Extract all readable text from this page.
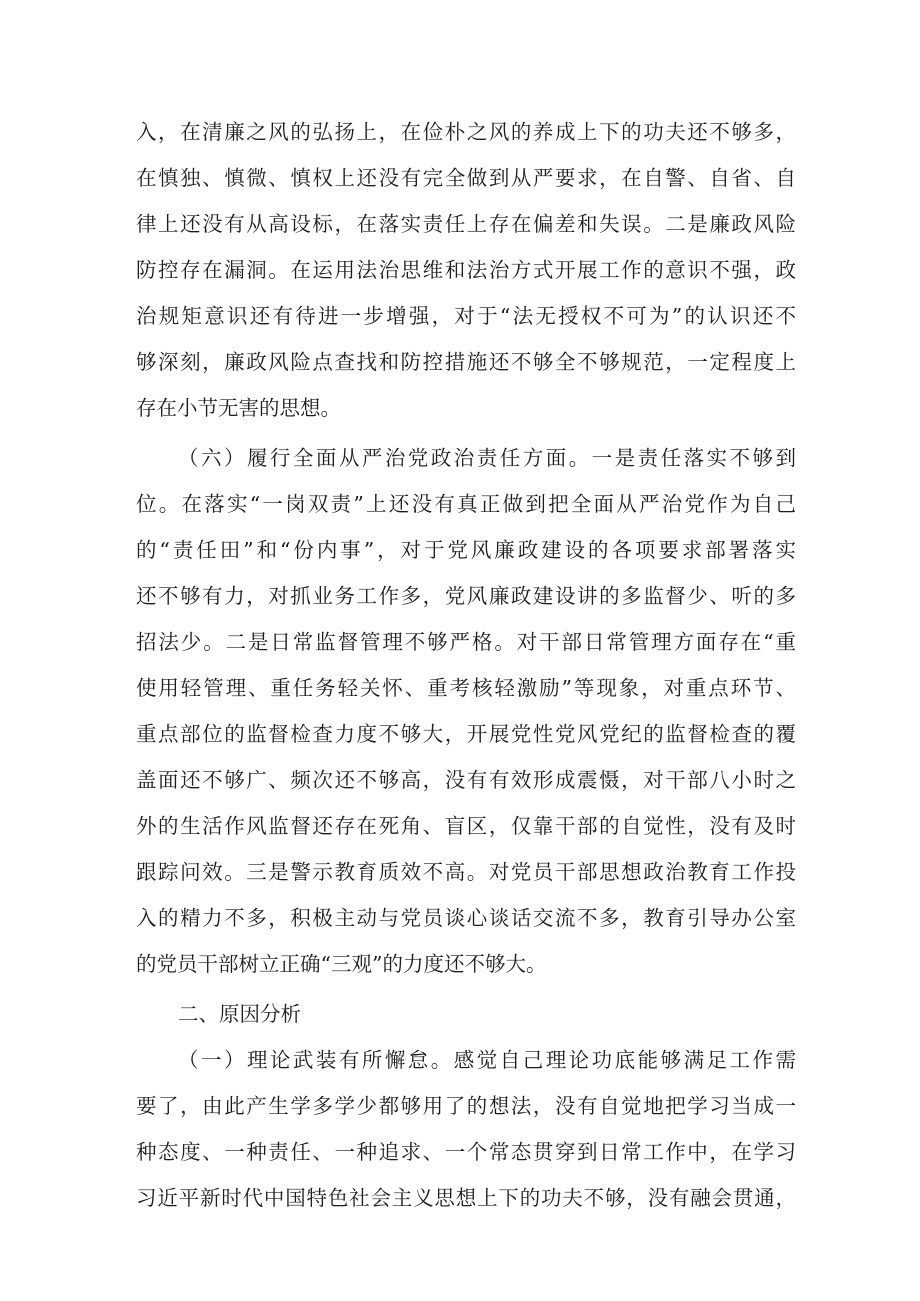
入，在清廉之风的弘扬上，在俭朴之风的养成上下的功夫还不够多，
在慎独、慎微、慎权上还没有完全做到从严要求，在自警、自省、自
律上还没有从高设标，在落实责任上存在偏差和失误。二是廉政风险
防控存在漏洞。在运用法治思维和法治方式开展工作的意识不强，政
治规矩意识还有待进一步增强，对于“法无授权不可为”的认识还不
够深刻，廉政风险点查找和防控措施还不够全不够规范，一定程度上
存在小节无害的思想。
（六）履行全面从严治党政治责任方面。一是责任落实不够到
位。在落实“一岗双责”上还没有真正做到把全面从严治党作为自己
的“责任田”和“份内事”，对于党风廉政建设的各项要求部署落实
还不够有力，对抓业务工作多，党风廉政建设讲的多监督少、听的多
招法少。二是日常监督管理不够严格。对干部日常管理方面存在“重
使用轻管理、重任务轻关怀、重考核轻激励”等现象，对重点环节、
重点部位的监督检查力度不够大，开展党性党风党纪的监督检查的覆
盖面还不够广、频次还不够高，没有有效形成震慑，对干部八小时之
外的生活作风监督还存在死角、盲区，仅靠干部的自觉性，没有及时
跟踪问效。三是警示教育质效不高。对党员干部思想政治教育工作投
入的精力不多，积极主动与党员谈心谈话交流不多，教育引导办公室
的党员干部树立正确“三观”的力度还不够大。
二、原因分析
（一）理论武装有所懈怠。感觉自己理论功底能够满足工作需
要了，由此产生学多学少都够用了的想法，没有自觉地把学习当成一
种态度、一种责任、一种追求、一个常态贯穿到日常工作中，在学习
习近平新时代中国特色社会主义思想上下的功夫不够，没有融会贯通，
